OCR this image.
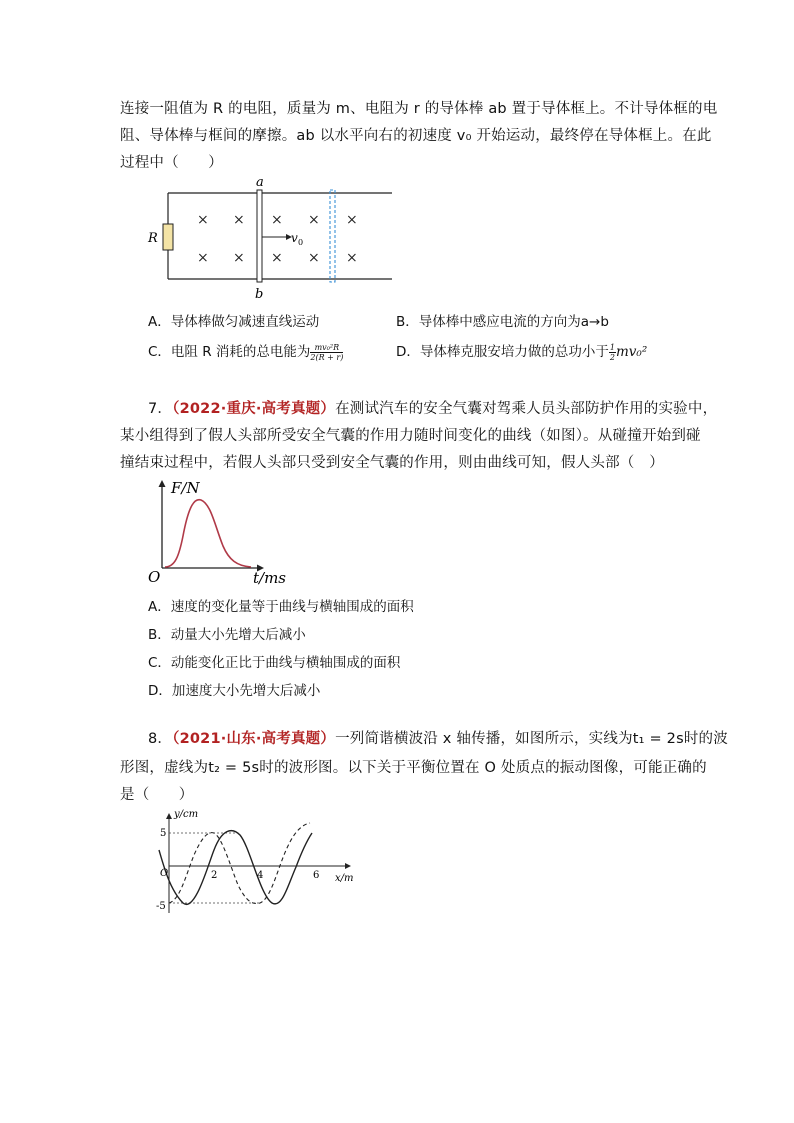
连接一阻值为 R 的电阻，质量为 m、电阻为 r 的导体棒 ab 置于导体框上。不计导体框的电
阻、导体棒与框间的摩擦。ab 以水平向右的初速度 v₀ 开始运动，最终停在导体框上。在此
过程中（　　）
R
× × × × ×
× × × × ×
a
b
v 0
A．导体棒做匀减速直线运动	B．导体棒中感应电流的方向为a→b
C．电阻 R 消耗的总电能为 $\frac{\text{mv₀²R}}{2(R + r)}$	D．导体棒克服安培力做的总功小于 $\frac{1}{2} mv_0^2$
7．（2022·重庆·高考真题）在测试汽车的安全气囊对驾乘人员头部防护作用的实验中，
某小组得到了假人头部所受安全气囊的作用力随时间变化的曲线（如图）。从碰撞开始到碰
撞结束过程中，若假人头部只受到安全气囊的作用，则由曲线可知，假人头部（　）
F/N
t/ms
O
A．速度的变化量等于曲线与横轴围成的面积
B．动量大小先增大后减小
C．动能变化正比于曲线与横轴围成的面积
D．加速度大小先增大后减小
8．（2021·山东·高考真题）一列简谐横波沿 x 轴传播，如图所示，实线为t₁ = 2s时的波
形图，虚线为t₂ = 5s时的波形图。以下关于平衡位置在 O 处质点的振动图像，可能正确的
是（　　）
y/cm
x/m
5
-5
O	2	4	6
